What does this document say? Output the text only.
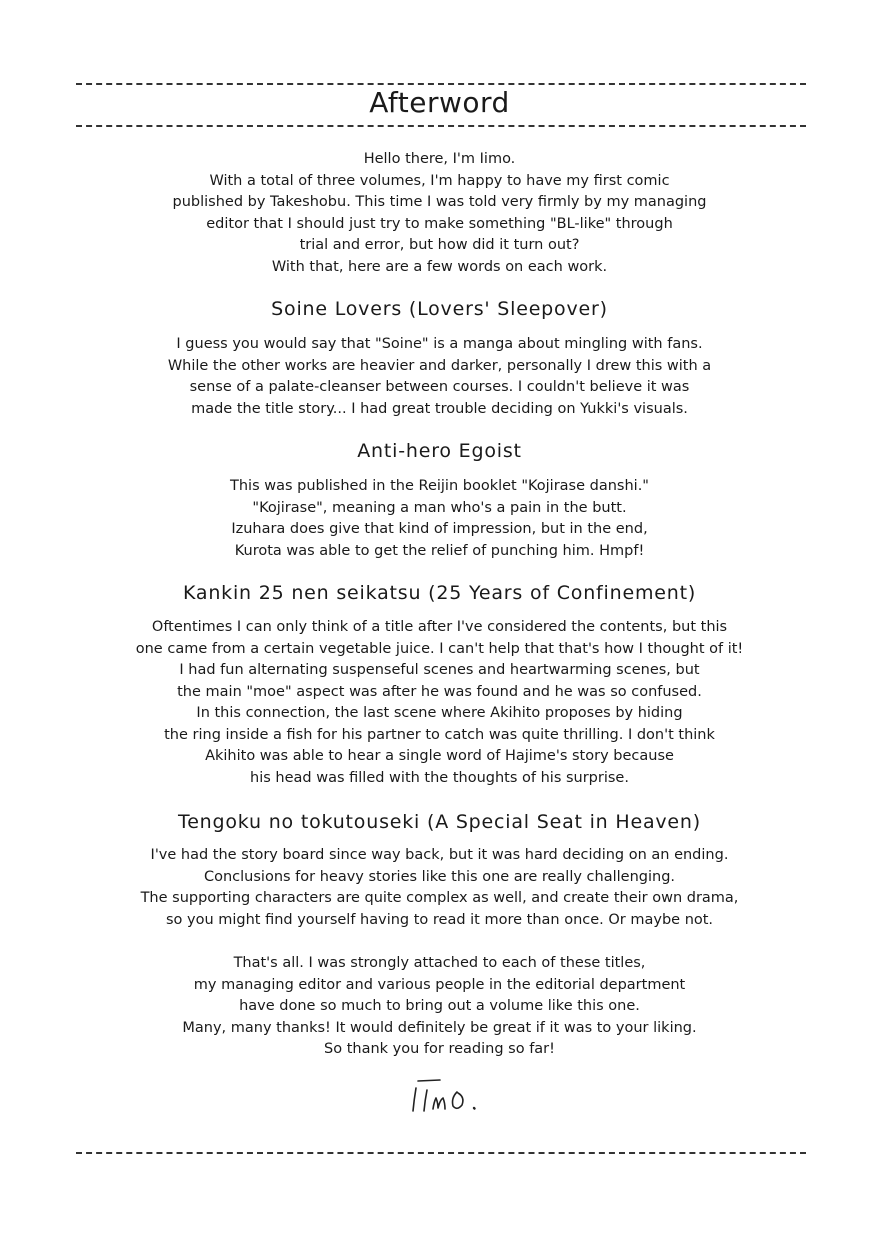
Afterword
Hello there, I'm Iimo.
With a total of three volumes, I'm happy to have my first comic
published by Takeshobu. This time I was told very firmly by my managing
editor that I should just try to make something "BL-like" through
trial and error, but how did it turn out?
With that, here are a few words on each work.
Soine Lovers (Lovers' Sleepover)
I guess you would say that "Soine" is a manga about mingling with fans.
While the other works are heavier and darker, personally I drew this with a
sense of a palate-cleanser between courses. I couldn't believe it was
made the title story... I had great trouble deciding on Yukki's visuals.
Anti-hero Egoist
This was published in the Reijin booklet "Kojirase danshi."
"Kojirase", meaning a man who's a pain in the butt.
Izuhara does give that kind of impression, but in the end,
Kurota was able to get the relief of punching him. Hmpf!
Kankin 25 nen seikatsu (25 Years of Confinement)
Oftentimes I can only think of a title after I've considered the contents, but this
one came from a certain vegetable juice. I can't help that that's how I thought of it!
I had fun alternating suspenseful scenes and heartwarming scenes, but
the main "moe" aspect was after he was found and he was so confused.
In this connection, the last scene where Akihito proposes by hiding
the ring inside a fish for his partner to catch was quite thrilling. I don't think
Akihito was able to hear a single word of Hajime's story because
his head was filled with the thoughts of his surprise.
Tengoku no tokutouseki (A Special Seat in Heaven)
I've had the story board since way back, but it was hard deciding on an ending.
Conclusions for heavy stories like this one are really challenging.
The supporting characters are quite complex as well, and create their own drama,
so you might find yourself having to read it more than once. Or maybe not.
That's all. I was strongly attached to each of these titles,
my managing editor and various people in the editorial department
have done so much to bring out a volume like this one.
Many, many thanks! It would definitely be great if it was to your liking.
So thank you for reading so far!
